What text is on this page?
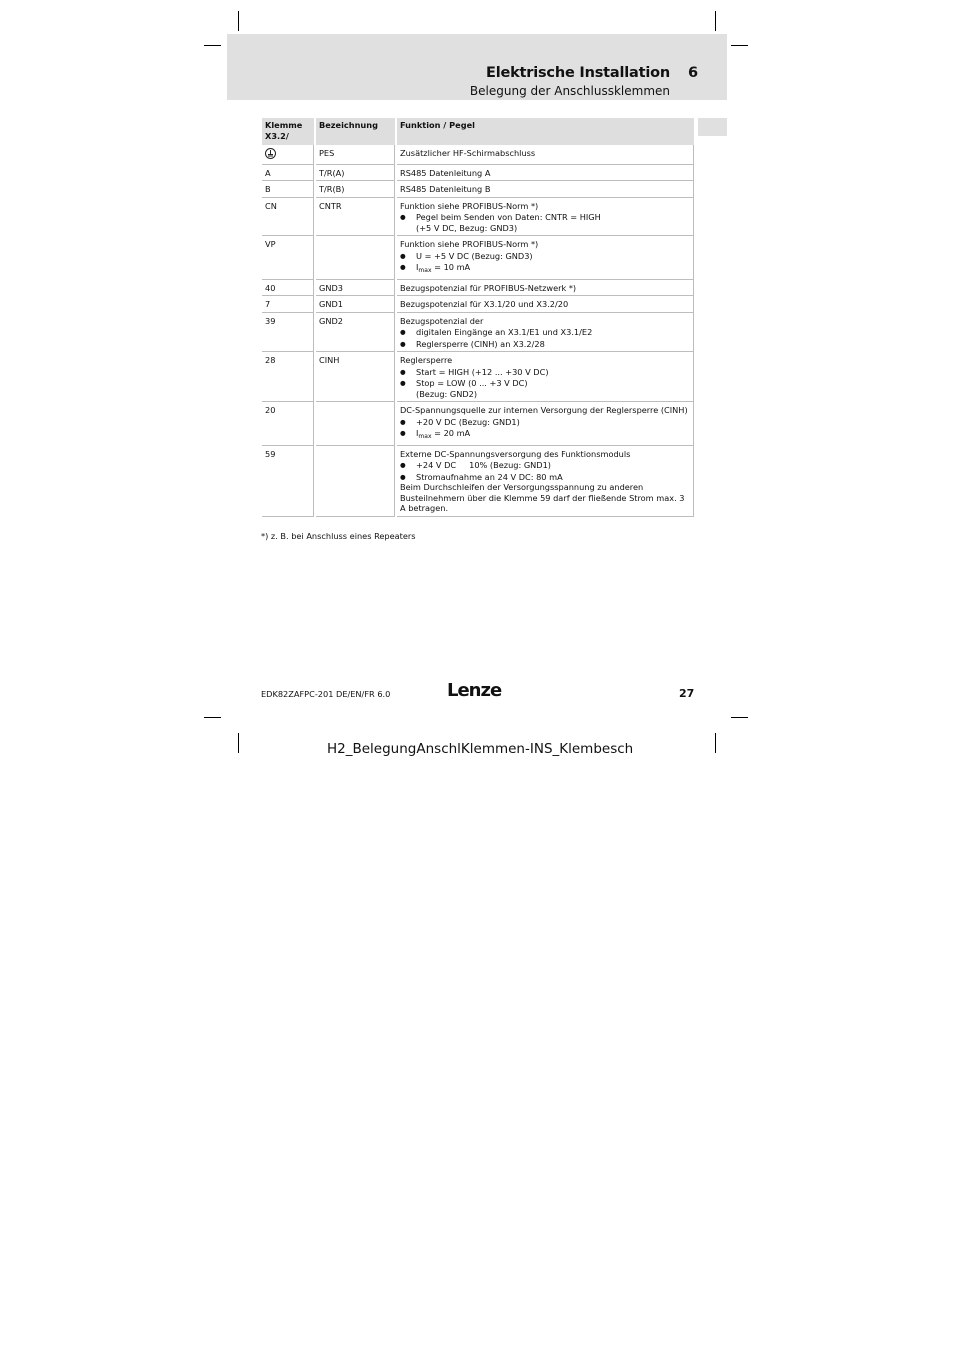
Elektrische Installation 6
Belegung der Anschlussklemmen
Klemme X3.2/	Bezeichnung	Funktion / Pegel
	PES	Zusätzlicher HF-Schirmabschluss

A	T/R(A)	RS485 Datenleitung A

B	T/R(B)	RS485 Datenleitung B

CN	CNTR	Funktion siehe PROFIBUS-Norm *)
● Pegel beim Senden von Daten: CNTR = HIGH
(+5 V DC, Bezug: GND3)

VP		Funktion siehe PROFIBUS-Norm *)
● U = +5 V DC (Bezug: GND3)
● $I_{max} = 10$ mA

40	GND3	Bezugspotenzial für PROFIBUS-Netzwerk *)

7	GND1	Bezugspotenzial für X3.1/20 und X3.2/20

39	GND2	Bezugspotenzial der
● digitalen Eingänge an X3.1/E1 und X3.1/E2
● Reglersperre (CINH) an X3.2/28

28	CINH	Reglersperre
● Start = HIGH (+12 ... +30 V DC)
● Stop = LOW (0 ... +3 V DC)
(Bezug: GND2)

20		DC-Spannungsquelle zur internen Versorgung der Reglersperre (CINH)
● +20 V DC (Bezug: GND1)
● $I_{max} = 20$ mA

59		Externe DC-Spannungsversorgung des Funktionsmoduls
● +24 V DC     10% (Bezug: GND1)
● Stromaufnahme an 24 V DC: 80 mA
Beim Durchschleifen der Versorgungsspannung zu anderen Busteilnehmern über die Klemme 59 darf der fließende Strom max. 3 A betragen.
*) z. B. bei Anschluss eines Repeaters
EDK82ZAFPC-201 DE/EN/FR 6.0	Lenze	27
H2_BelegungAnschlKlemmen-INS_Klembesch
